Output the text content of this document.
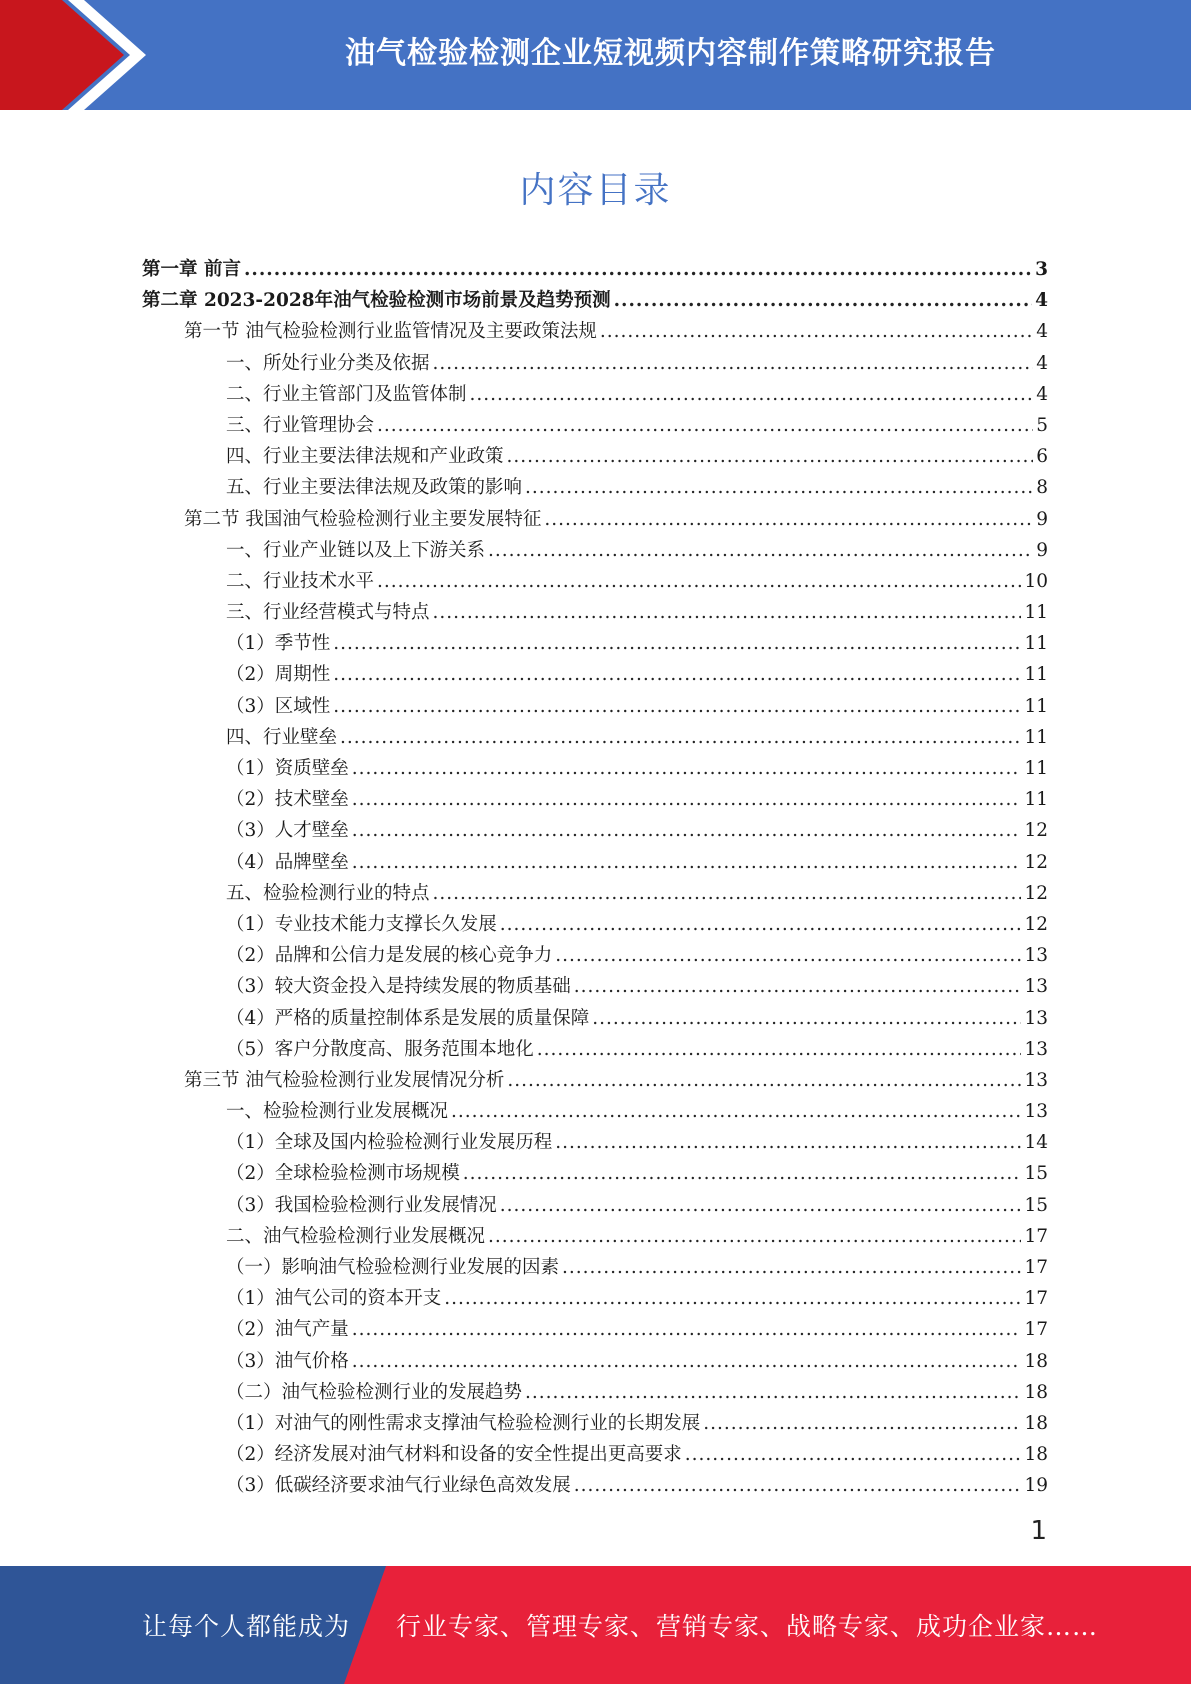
油气检验检测企业短视频内容制作策略研究报告
内容目录
第一章 前言 .....	3
第二章 2023-2028年油气检验检测市场前景及趋势预测 .....	4
第一节 油气检验检测行业监管情况及主要政策法规 .....	4
一、所处行业分类及依据 .....	4
二、行业主管部门及监管体制 .....	4
三、行业管理协会 .....	5
四、行业主要法律法规和产业政策 .....	6
五、行业主要法律法规及政策的影响 .....	8
第二节 我国油气检验检测行业主要发展特征 .....	9
一、行业产业链以及上下游关系 .....	9
二、行业技术水平 .....	10
三、行业经营模式与特点 .....	11
（1）季节性 .....	11
（2）周期性 .....	11
（3）区域性 .....	11
四、行业壁垒 .....	11
（1）资质壁垒 .....	11
（2）技术壁垒 .....	11
（3）人才壁垒 .....	12
（4）品牌壁垒 .....	12
五、检验检测行业的特点 .....	12
（1）专业技术能力支撑长久发展 .....	12
（2）品牌和公信力是发展的核心竞争力 .....	13
（3）较大资金投入是持续发展的物质基础 .....	13
（4）严格的质量控制体系是发展的质量保障 .....	13
（5）客户分散度高、服务范围本地化 .....	13
第三节 油气检验检测行业发展情况分析 .....	13
一、检验检测行业发展概况 .....	13
（1）全球及国内检验检测行业发展历程 .....	14
（2）全球检验检测市场规模 .....	15
（3）我国检验检测行业发展情况 .....	15
二、油气检验检测行业发展概况 .....	17
（一）影响油气检验检测行业发展的因素 .....	17
（1）油气公司的资本开支 .....	17
（2）油气产量 .....	17
（3）油气价格 .....	18
（二）油气检验检测行业的发展趋势 .....	18
（1）对油气的刚性需求支撑油气检验检测行业的长期发展 .....	18
（2）经济发展对油气材料和设备的安全性提出更高要求 .....	18
（3）低碳经济要求油气行业绿色高效发展 .....	19
1
让每个人都能成为 行业专家、管理专家、营销专家、战略专家、成功企业家……
